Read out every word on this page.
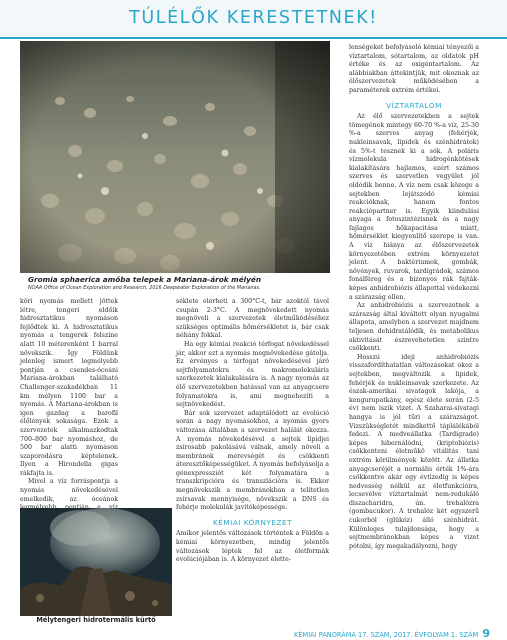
TÚLÉLŐK KERESTETNEK!
Gromia sphaerica amőba telepek a Mariana-árok mélyén
NOAA Office of Ocean Exploration and Research, 2016 Deepwater Exploration of the Marianas.

köri nyomás mellett jöttek létre, tengeri eldőik hidrosztatikus nyomáson fejlődtek ki. A hidrosztatikus nyomás a tengerek felszíne alatt 10 méterenként 1 barral növekszik. Így Földünk jelenleg ismert legmélyebb pontján a csendes-óceáni Mariana-árokban található Challenger-szakadékban 11 km mélyen 1100 bar a nyomás. A Mariana-árokban is igen gazdag a barofil élőlények sokasága. Ezek a szervezetek alkalmazkodtak 700–800 bar nyomáshoz, de 500 bar alatti nyomáson szaporodásra képtelenek. Ilyen a Hirondella gigas rákfajta is.

Mivel a víz forráspontja a nyomás növekedésével emelkedik, az óceánok

Mélytengeri hidrotermális kürtő

séklete elérheti a 300°C-t, bár azoktól távol csupán 2-3°C. A megnövekedett nyomás megnöveli a szervezetek életműködéséhez szükséges optimális hőmérsékletet is, bár csak néhány fokkal.

Ha egy kémiai reakció térfogat növekedéssel jár, akkor ezt a nyomás megnövekedése gátolja. Ez érvényes a térfogat növekedésével járó sejtfolyamatokra és makromolekuláris szerkezetek kialakulására is. A nagy nyomás az élő szervezetekben hatással van az anyagcsere folyamatokra is, ami megnehezíti a sejtnövekedést.

Bár sok szervezet adaptálódott az evolúció során a nagy nyomásokhoz, a nyomás gyors változása általában a szervezet halálát okozza. A nyomás növekedésével a sejtek lipidjei zsírosabb pakolásává válnak, amely növeli a membránok merevségét és csökkenti áteresztőképességüket. A nyomás befolyásolja a génexpressziót két folyamatára a transzkripcióra és transzlációra is. Ekkor megnövekszik a membránokban a telítetlen zsírsavak mennyisége, növekszik a DNS és fehérje molekulák javítóképessége.

KÉMIAI KÖRNYEZET

Amikor jelentős változások történtek a Földön a kémiai környezetben, mindig jelentős változások léptek fel az életformák evolúciójában is. A környezet élette-

lenségeket befolyásoló kémiai tényezői a víztartalom, sótartalom, az oldatok pH értéke és az oxigéntartalom. Az alábbiakban áttekintjük, mit okoznak az élőszervezetek működésében a paraméterek extrém értékei.

VÍZTARTALOM

Az élő szervezetekben a sejtek tömegének mintegy 60-70 %-a víz, 25-30 %-a szerves anyag (fehérjék, nukleinsavak, lipidek és szénhidrátok) és 5%-t tesznek ki a sók. A poláris vízmolekula hidrogénkötések kialakítására hajlamos, ezért számos szerves és szervetlen vegyület jól oldódik benne. A víz nem csak közege a sejtekben lejátszódó kémiai reakcióknak, hanem fontos reakciópartner is. Egyik kiindulási anyaga a fotoszintézisnek és a nagy fajlagos hőkapacitása miatt, hőmérséklet kiegyenlítő szerepe is van. A víz hiánya az élőszervezetek környezetében extrém környezetet jelent. A baktériumok, gombák, növények, ruvarok, tardigrádok, számos fonálféreg és a bizonyos rák fajták- képes anhidrobiózis állapottal védekezni a szárazság ellen.

Az anhidrobiózis a szervezetnek a szárazság által kiváltott olyan nyugalmi állapota, amelyben a szervezet majdnem teljesen dehidratálódik, és metabolikus aktivitását észrevehetetlen szintre csökkenti.

Hosszú ideji anhidrobiózis visszafordíthatatlan változásokat okoz a sejtekben, megváltozik a lipidek, fehérjék és nukleinsavak szerkezete. Az észak-amerikai sivatagok lakója, a kengurupatkány, egész élete során (2-5 év) nem iszik vizet. A Szaharai-sivatagi hangya is jól tűri a szárazságot. Vízszükségletét mindkettő táplálékából fedezi. A medveállatka (Tardigrade) képes hibernálódni, (kriptobiózis) csökkenteni életműkö vitálitás tani extrém körülmények között. Az állatka anyagcseréjét a normális érték 1%-ára csökkentve akár egy évtizedig is képes nedvesség nélkül az életfunkcióira, lecsevélve víztartalmát nem-redukáló diszacharidra, ún. trehalózra (gombacukor). A trehalóz két egyszerű cukorból (glükóz) álló szénhidrát. Különleges tulajdonsága, hogy a sejtmembránokban képes a vizet pótolni, így megakadályozni, hogy

KÉMIAI PANORÁMA 17. SZÁM, 2017. ÉVFOLYAM 1. SZÁM 9
